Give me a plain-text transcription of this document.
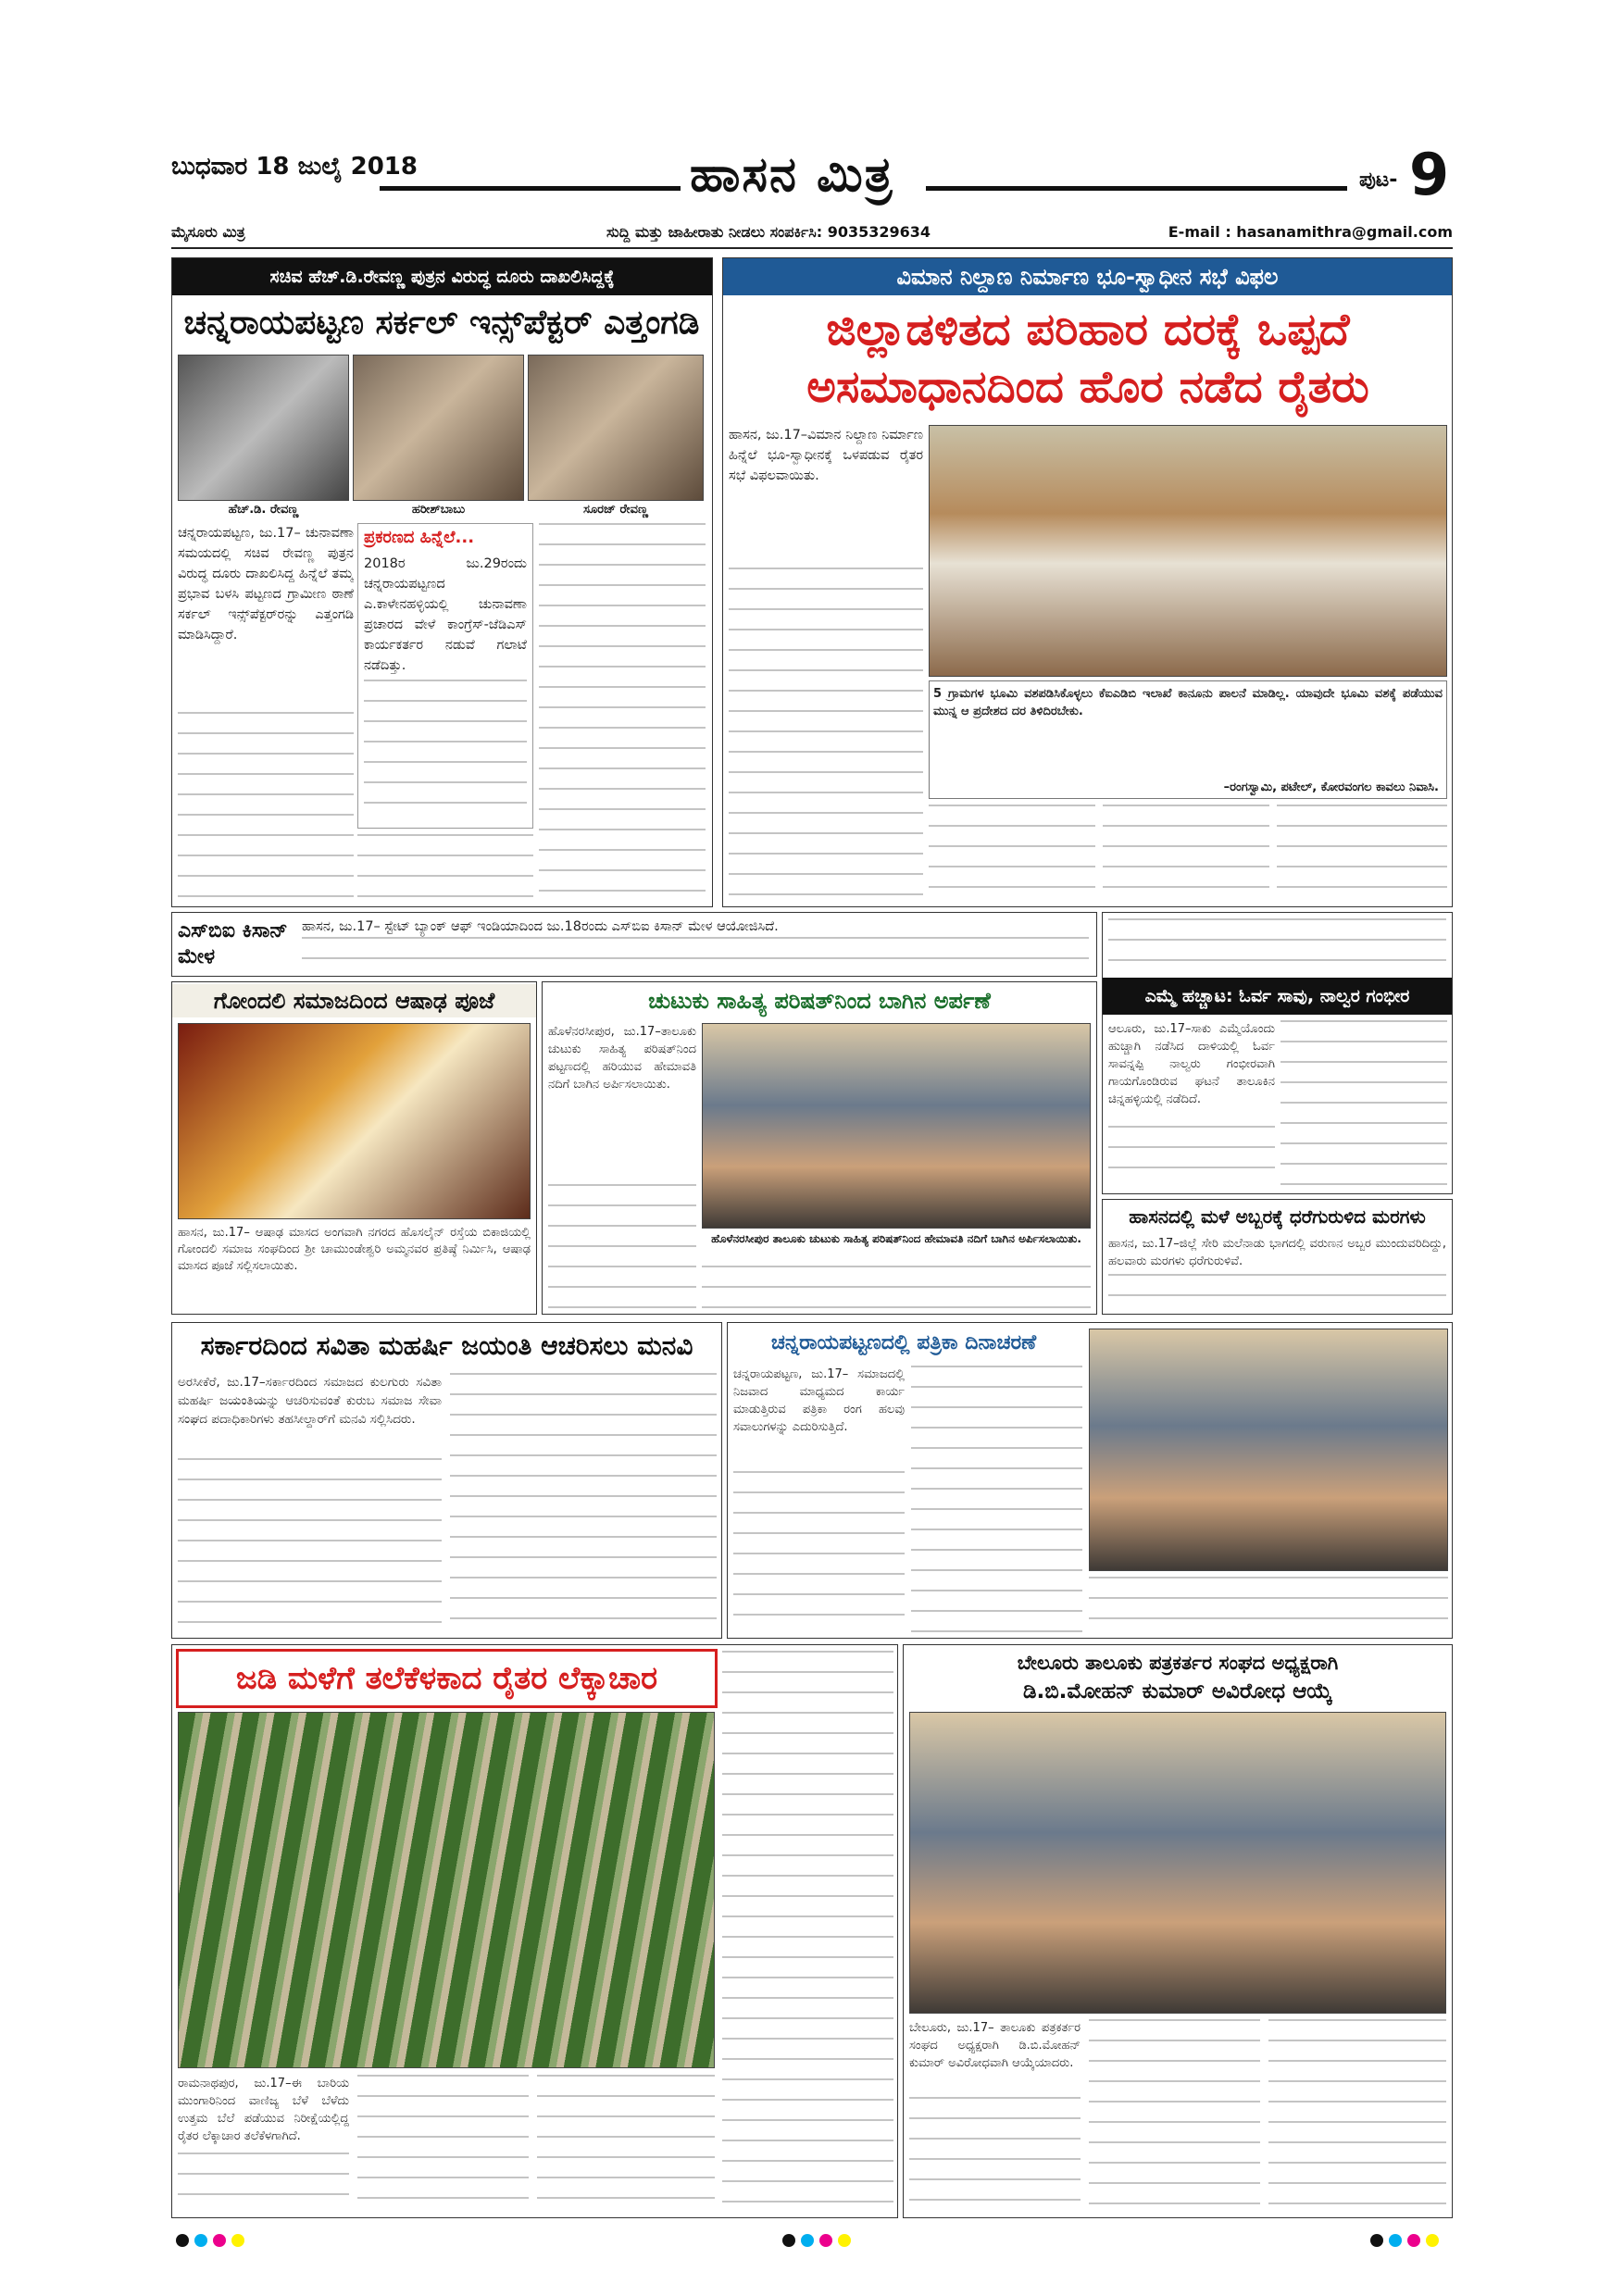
ಬುಧವಾರ 18 ಜುಲೈ 2018	ಹಾಸನ ಮಿತ್ರ	ಪುಟ- 9
ಮೈಸೂರು ಮಿತ್ರ	ಸುದ್ದಿ ಮತ್ತು ಜಾಹೀರಾತು ನೀಡಲು ಸಂಪರ್ಕಿಸಿ: 9035329634	E-mail : hasanamithra@gmail.com
ಸಚಿವ ಹೆಚ್.ಡಿ.ರೇವಣ್ಣ ಪುತ್ರನ ವಿರುದ್ಧ ದೂರು ದಾಖಲಿಸಿದ್ದಕ್ಕೆ
ಚನ್ನರಾಯಪಟ್ಟಣ ಸರ್ಕಲ್ ಇನ್ಸ್‌ಪೆಕ್ಟರ್ ಎತ್ತಂಗಡಿ
ಹೆಚ್.ಡಿ. ರೇವಣ್ಣ	ಹರೀಶ್‌ಬಾಬು	ಸೂರಜ್ ರೇವಣ್ಣ
ಚನ್ನರಾಯಪಟ್ಟಣ, ಜು.17– ಚುನಾವಣಾ ಸಮಯದಲ್ಲಿ ಸಚಿವ ರೇವಣ್ಣ ಪುತ್ರನ ವಿರುದ್ಧ ದೂರು ದಾಖಲಿಸಿದ್ದ ಹಿನ್ನೆಲೆ ತಮ್ಮ ಪ್ರಭಾವ ಬಳಸಿ ಪಟ್ಟಣದ ಗ್ರಾಮೀಣ ಠಾಣೆ ಸರ್ಕಲ್ ಇನ್ಸ್‌ಪೆಕ್ಟರ್‌ರನ್ನು ಎತ್ತಂಗಡಿ ಮಾಡಿಸಿದ್ದಾರೆ.
ಪ್ರಕರಣದ ಹಿನ್ನೆಲೆ...
2018ರ ಜು.29ರಂದು ಚನ್ನರಾಯಪಟ್ಟಣದ ಎ.ಕಾಳೇನಹಳ್ಳಿಯಲ್ಲಿ ಚುನಾವಣಾ ಪ್ರಚಾರದ ವೇಳೆ ಕಾಂಗ್ರೆಸ್-ಜೆಡಿಎಸ್ ಕಾರ್ಯಕರ್ತರ ನಡುವೆ ಗಲಾಟೆ ನಡೆದಿತ್ತು.
ವಿಮಾನ ನಿಲ್ದಾಣ ನಿರ್ಮಾಣ ಭೂ-ಸ್ವಾಧೀನ ಸಭೆ ವಿಫಲ
ಜಿಲ್ಲಾಡಳಿತದ ಪರಿಹಾರ ದರಕ್ಕೆ ಒಪ್ಪದೆ
ಅಸಮಾಧಾನದಿಂದ ಹೊರ ನಡೆದ ರೈತರು
ಹಾಸನ, ಜು.17–ವಿಮಾನ ನಿಲ್ದಾಣ ನಿರ್ಮಾಣ ಹಿನ್ನೆಲೆ ಭೂ-ಸ್ವಾಧೀನಕ್ಕೆ ಒಳಪಡುವ ರೈತರ ಸಭೆ ವಿಫಲವಾಯಿತು.
5 ಗ್ರಾಮಗಳ ಭೂಮಿ ವಶಪಡಿಸಿಕೊಳ್ಳಲು ಕೆಐಎಡಿಬಿ ಇಲಾಖೆ ಕಾನೂನು ಪಾಲನೆ ಮಾಡಿಲ್ಲ. ಯಾವುದೇ ಭೂಮಿ ವಶಕ್ಕೆ ಪಡೆಯುವ ಮುನ್ನ ಆ ಪ್ರದೇಶದ ದರ ತಿಳಿದಿರಬೇಕು.
–ರಂಗಸ್ವಾಮಿ, ಪಟೇಲ್, ಕೋರವಂಗಲ ಕಾವಲು ನಿವಾಸಿ.
ಎಸ್‌ಬಿಐ ಕಿಸಾನ್ ಮೇಳ
ಹಾಸನ, ಜು.17– ಸ್ಟೇಟ್ ಬ್ಯಾಂಕ್ ಆಫ್ ಇಂಡಿಯಾದಿಂದ ಜು.18ರಂದು ಎಸ್‌ಬಿಐ ಕಿಸಾನ್ ಮೇಳ ಆಯೋಜಿಸಿದೆ.
ಗೋಂದಲಿ ಸಮಾಜದಿಂದ ಆಷಾಢ ಪೂಜೆ
ಹಾಸನ, ಜು.17– ಆಷಾಢ ಮಾಸದ ಅಂಗವಾಗಿ ನಗರದ ಹೊಸಲೈನ್ ರಸ್ತೆಯ ಬಿಕಾಜಿಯಲ್ಲಿ ಗೋಂದಲಿ ಸಮಾಜ ಸಂಘದಿಂದ ಶ್ರೀ ಚಾಮುಂಡೇಶ್ವರಿ ಅಮ್ಮನವರ ಪ್ರತಿಷ್ಠೆ ನಿರ್ಮಿಸಿ, ಆಷಾಢ ಮಾಸದ ಪೂಜೆ ಸಲ್ಲಿಸಲಾಯಿತು.
ಚುಟುಕು ಸಾಹಿತ್ಯ ಪರಿಷತ್‌ನಿಂದ ಬಾಗಿನ ಅರ್ಪಣೆ
ಹೊಳೆನರಸೀಪುರ, ಜು.17–ತಾಲೂಕು ಚುಟುಕು ಸಾಹಿತ್ಯ ಪರಿಷತ್‌ನಿಂದ ಪಟ್ಟಣದಲ್ಲಿ ಹರಿಯುವ ಹೇಮಾವತಿ ನದಿಗೆ ಬಾಗಿನ ಅರ್ಪಿಸಲಾಯಿತು.
ಹೊಳೆನರಸೀಪುರ ತಾಲೂಕು ಚುಟುಕು ಸಾಹಿತ್ಯ ಪರಿಷತ್‌ನಿಂದ ಹೇಮಾವತಿ ನದಿಗೆ ಬಾಗಿನ ಅರ್ಪಿಸಲಾಯಿತು.
ಎಮ್ಮೆ ಹಚ್ಚಾಟ: ಓರ್ವ ಸಾವು, ನಾಲ್ವರ ಗಂಭೀರ
ಆಲೂರು, ಜು.17–ಸಾಕು ಎಮ್ಮೆಯೊಂದು ಹುಚ್ಚಾಗಿ ನಡೆಸಿದ ದಾಳಿಯಲ್ಲಿ ಓರ್ವ ಸಾವನ್ನಪ್ಪಿ ನಾಲ್ವರು ಗಂಭೀರವಾಗಿ ಗಾಯಗೊಂಡಿರುವ ಘಟನೆ ತಾಲೂಕಿನ ಚಿನ್ನಹಳ್ಳಿಯಲ್ಲಿ ನಡೆದಿದೆ.
ಹಾಸನದಲ್ಲಿ ಮಳೆ ಅಬ್ಬರಕ್ಕೆ ಧರೆಗುರುಳಿದ ಮರಗಳು
ಹಾಸನ, ಜು.17–ಜಿಲ್ಲೆ ಸೇರಿ ಮಲೆನಾಡು ಭಾಗದಲ್ಲಿ ವರುಣನ ಅಬ್ಬರ ಮುಂದುವರಿದಿದ್ದು, ಹಲವಾರು ಮರಗಳು ಧರೆಗುರುಳಿವೆ.
ಸರ್ಕಾರದಿಂದ ಸವಿತಾ ಮಹರ್ಷಿ ಜಯಂತಿ ಆಚರಿಸಲು ಮನವಿ
ಅರಸೀಕೆರೆ, ಜು.17–ಸರ್ಕಾರದಿಂದ ಸಮಾಜದ ಕುಲಗುರು ಸವಿತಾ ಮಹರ್ಷಿ ಜಯಂತಿಯನ್ನು ಆಚರಿಸುವಂತೆ ಕುರುಬ ಸಮಾಜ ಸೇವಾ ಸಂಘದ ಪದಾಧಿಕಾರಿಗಳು ತಹಸೀಲ್ದಾರ್‌ಗೆ ಮನವಿ ಸಲ್ಲಿಸಿದರು.
ಚನ್ನರಾಯಪಟ್ಟಣದಲ್ಲಿ ಪತ್ರಿಕಾ ದಿನಾಚರಣೆ
ಚನ್ನರಾಯಪಟ್ಟಣ, ಜು.17– ಸಮಾಜದಲ್ಲಿ ನಿಜವಾದ ಮಾಧ್ಯಮದ ಕಾರ್ಯ ಮಾಡುತ್ತಿರುವ ಪತ್ರಿಕಾ ರಂಗ ಹಲವು ಸವಾಲುಗಳನ್ನು ಎದುರಿಸುತ್ತಿದೆ.
ಜಡಿ ಮಳೆಗೆ ತಲೆಕೆಳಕಾದ ರೈತರ ಲೆಕ್ಕಾಚಾರ
ರಾಮನಾಥಪುರ, ಜು.17–ಈ ಬಾರಿಯ ಮುಂಗಾರಿನಿಂದ ವಾಣಿಜ್ಯ ಬೆಳೆ ಬೆಳೆದು ಉತ್ತಮ ಬೆಲೆ ಪಡೆಯುವ ನಿರೀಕ್ಷೆಯಲ್ಲಿದ್ದ ರೈತರ ಲೆಕ್ಕಾಚಾರ ತಲೆಕೆಳಗಾಗಿದೆ.
ಬೇಲೂರು ತಾಲೂಕು ಪತ್ರಕರ್ತರ ಸಂಘದ ಅಧ್ಯಕ್ಷರಾಗಿ
ಡಿ.ಬಿ.ಮೋಹನ್ ಕುಮಾರ್ ಅವಿರೋಧ ಆಯ್ಕೆ
ಬೇಲೂರು, ಜು.17– ತಾಲೂಕು ಪತ್ರಕರ್ತರ ಸಂಘದ ಅಧ್ಯಕ್ಷರಾಗಿ ಡಿ.ಬಿ.ಮೋಹನ್ ಕುಮಾರ್ ಅವಿರೋಧವಾಗಿ ಆಯ್ಕೆಯಾದರು.
